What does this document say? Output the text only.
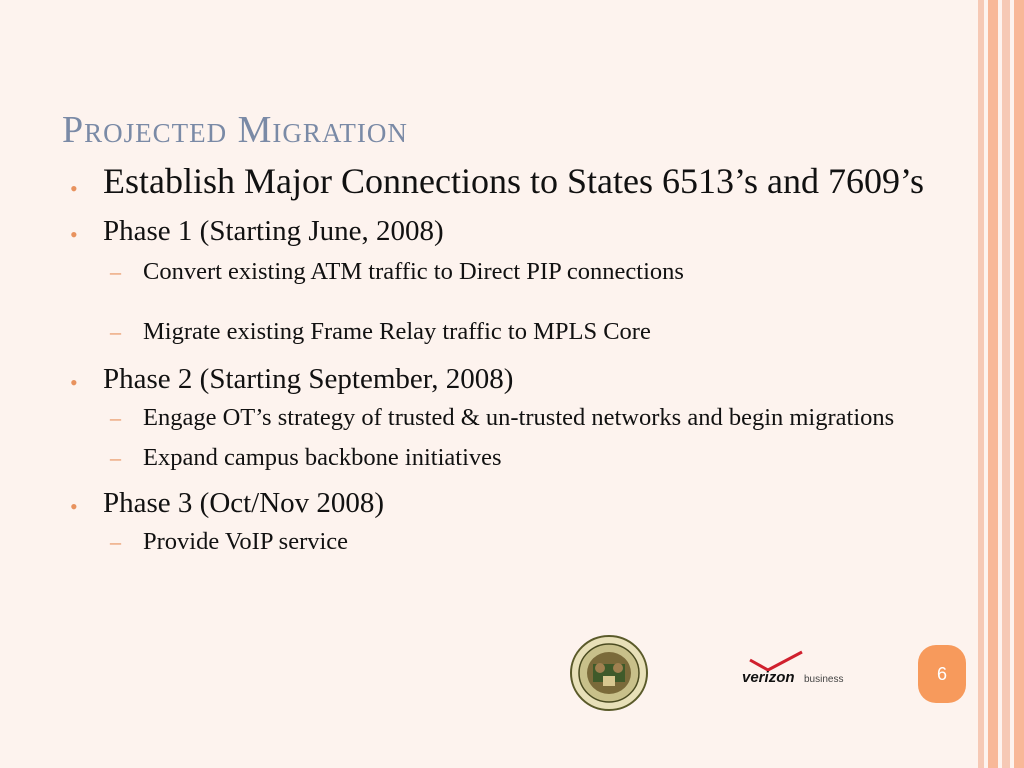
Projected Migration
• Establish Major Connections to States 6513’s and 7609’s
• Phase 1 (Starting June, 2008)
– Convert existing ATM traffic to Direct PIP connections
– Migrate existing Frame Relay traffic to MPLS Core
• Phase 2 (Starting September, 2008)
– Engage OT’s strategy of trusted & un-trusted networks and begin migrations
– Expand campus backbone initiatives
• Phase 3 (Oct/Nov 2008)
– Provide VoIP service
verizon business	6
